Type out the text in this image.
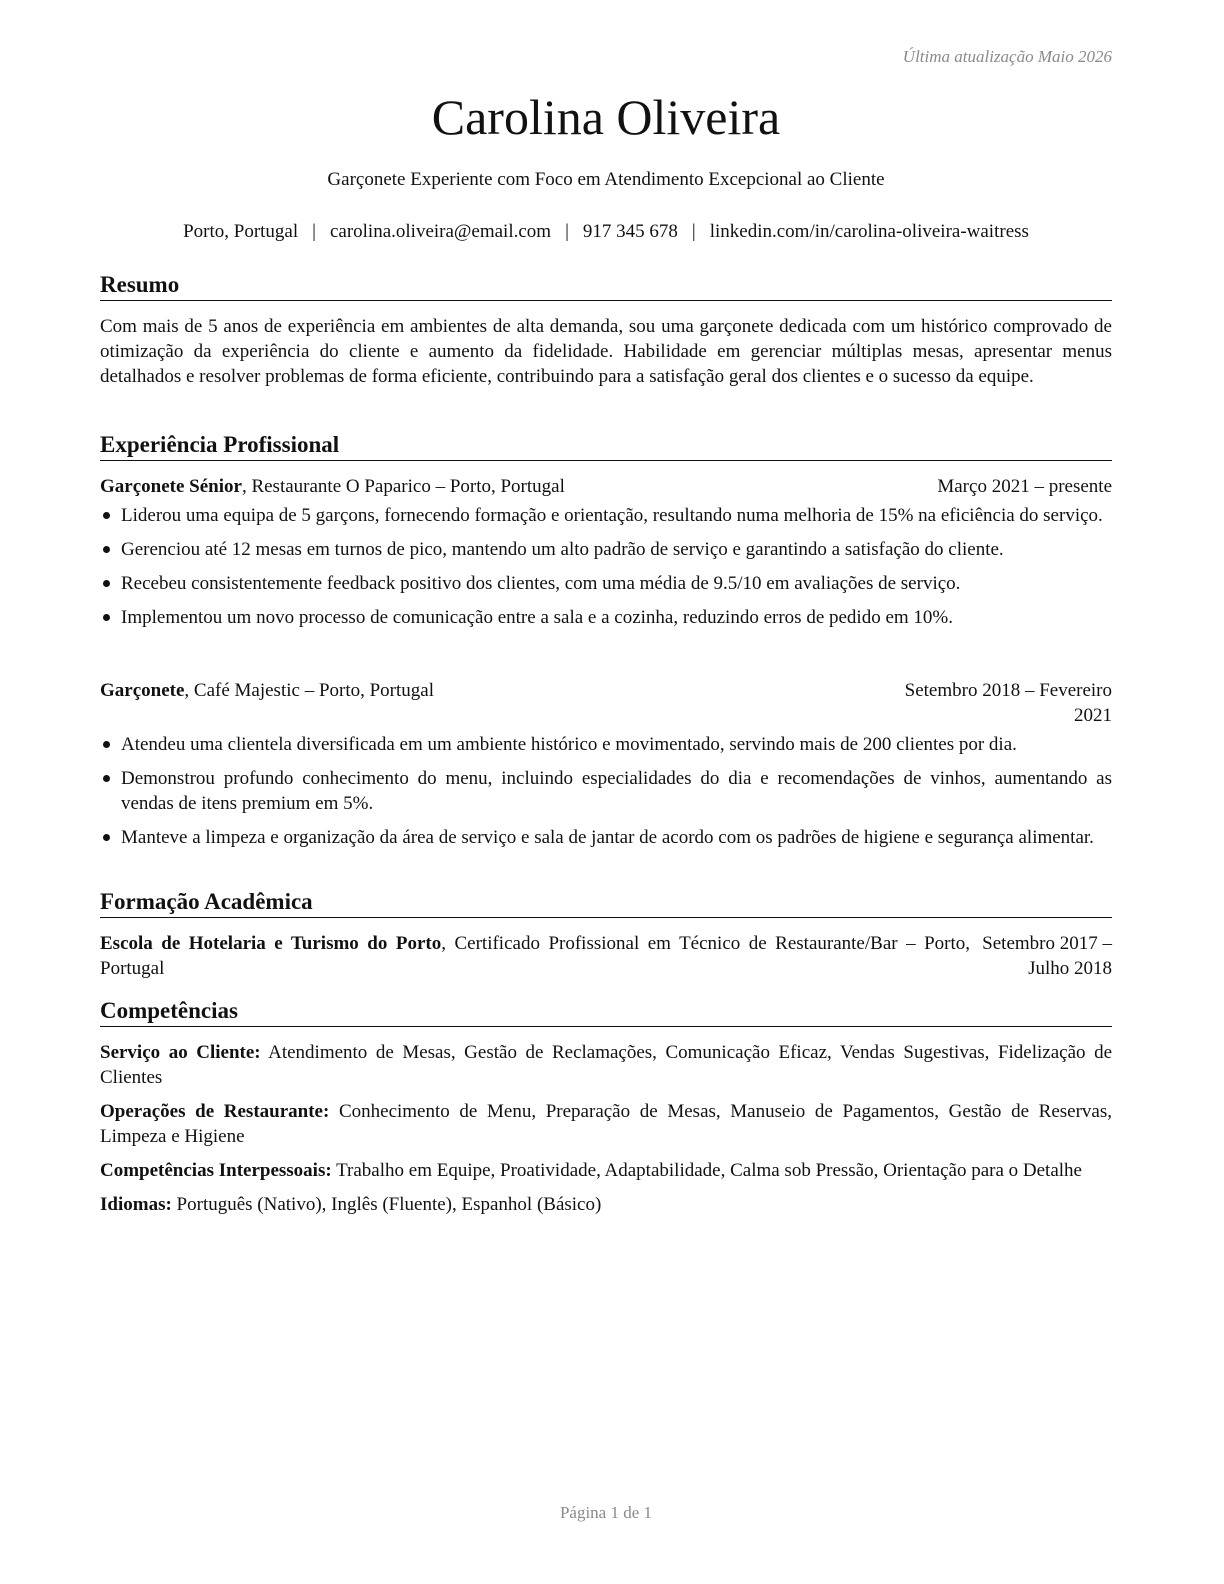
Última atualização Maio 2026
Carolina Oliveira
Garçonete Experiente com Foco em Atendimento Excepcional ao Cliente
Porto, Portugal | carolina.oliveira@email.com | 917 345 678 | linkedin.com/in/carolina-oliveira-waitress
Resumo

Com mais de 5 anos de experiência em ambientes de alta demanda, sou uma garçonete dedicada com um histórico comprovado de otimização da experiência do cliente e aumento da fidelidade. Habilidade em gerenciar múltiplas mesas, apresentar menus detalhados e resolver problemas de forma eficiente, contribuindo para a satisfação geral dos clientes e o sucesso da equipe.

Experiência Profissional
Garçonete Sénior, Restaurante O Paparico – Porto, Portugal	Março 2021 – presente
Liderou uma equipa de 5 garçons, fornecendo formação e orientação, resultando numa melhoria de 15% na eficiência do serviço.
Gerenciou até 12 mesas em turnos de pico, mantendo um alto padrão de serviço e garantindo a satisfação do cliente.
Recebeu consistentemente feedback positivo dos clientes, com uma média de 9.5/10 em avaliações de serviço.
Implementou um novo processo de comunicação entre a sala e a cozinha, reduzindo erros de pedido em 10%.
Garçonete, Café Majestic – Porto, Portugal	Setembro 2018 – Fevereiro 2021
Atendeu uma clientela diversificada em um ambiente histórico e movimentado, servindo mais de 200 clientes por dia.
Demonstrou profundo conhecimento do menu, incluindo especialidades do dia e recomendações de vinhos, aumentando as vendas de itens premium em 5%.
Manteve a limpeza e organização da área de serviço e sala de jantar de acordo com os padrões de higiene e segurança alimentar.
Formação Acadêmica
Escola de Hotelaria e Turismo do Porto, Certificado Profissional em Técnico de Restaurante/Bar – Porto, Portugal
Setembro 2017 – Julho 2018
Competências

Serviço ao Cliente: Atendimento de Mesas, Gestão de Reclamações, Comunicação Eficaz, Vendas Sugestivas, Fidelização de Clientes

Operações de Restaurante: Conhecimento de Menu, Preparação de Mesas, Manuseio de Pagamentos, Gestão de Reservas, Limpeza e Higiene

Competências Interpessoais: Trabalho em Equipe, Proatividade, Adaptabilidade, Calma sob Pressão, Orientação para o Detalhe

Idiomas: Português (Nativo), Inglês (Fluente), Espanhol (Básico)

Página 1 de 1
